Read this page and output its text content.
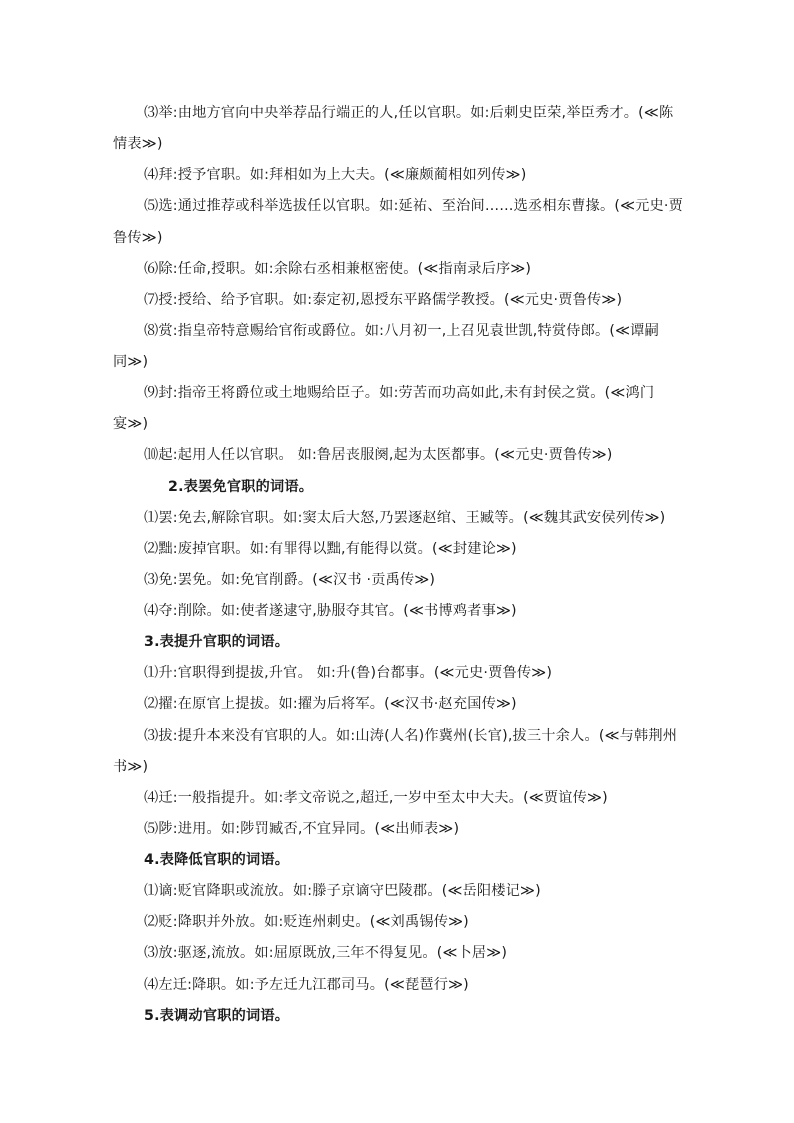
⑶举:由地方官向中央举荐品行端正的人,任以官职。如:后刺史臣荣,举臣秀才。(≪陈
情表≫)
⑷拜:授予官职。如:拜相如为上大夫。(≪廉颇蔺相如列传≫)
⑸选:通过推荐或科举选拔任以官职。如:延祐、至治间……选丞相东曹掾。(≪元史·贾
鲁传≫)
⑹除:任命,授职。如:余除右丞相兼枢密使。(≪指南录后序≫)
⑺授:授给、给予官职。如:泰定初,恩授东平路儒学教授。(≪元史·贾鲁传≫)
⑻赏:指皇帝特意赐给官衔或爵位。如:八月初一,上召见袁世凯,特赏侍郎。(≪谭嗣
同≫)
⑼封:指帝王将爵位或土地赐给臣子。如:劳苦而功高如此,未有封侯之赏。(≪鸿门
宴≫)
⑽起:起用人任以官职。 如:鲁居丧服阕,起为太医都事。(≪元史·贾鲁传≫)
2.表罢免官职的词语。
⑴罢:免去,解除官职。如:窦太后大怒,乃罢逐赵绾、王臧等。(≪魏其武安侯列传≫)
⑵黜:废掉官职。如:有罪得以黜,有能得以赏。(≪封建论≫)
⑶免:罢免。如:免官削爵。(≪汉书 ·贡禹传≫)
⑷夺:削除。如:使者遂逮守,胁服夺其官。(≪书博鸡者事≫)
3.表提升官职的词语。
⑴升:官职得到提拔,升官。 如:升(鲁)台都事。(≪元史·贾鲁传≫)
⑵擢:在原官上提拔。如:擢为后将军。(≪汉书·赵充国传≫)
⑶拔:提升本来没有官职的人。如:山涛(人名)作冀州(长官),拔三十余人。(≪与韩荆州
书≫)
⑷迁:一般指提升。如:孝文帝说之,超迁,一岁中至太中大夫。(≪贾谊传≫)
⑸陟:进用。如:陟罚臧否,不宜异同。(≪出师表≫)
4.表降低官职的词语。
⑴谪:贬官降职或流放。如:滕子京谪守巴陵郡。(≪岳阳楼记≫)
⑵贬:降职并外放。如:贬连州刺史。(≪刘禹锡传≫)
⑶放:驱逐,流放。如:屈原既放,三年不得复见。(≪卜居≫)
⑷左迁:降职。如:予左迁九江郡司马。(≪琵琶行≫)
5.表调动官职的词语。
